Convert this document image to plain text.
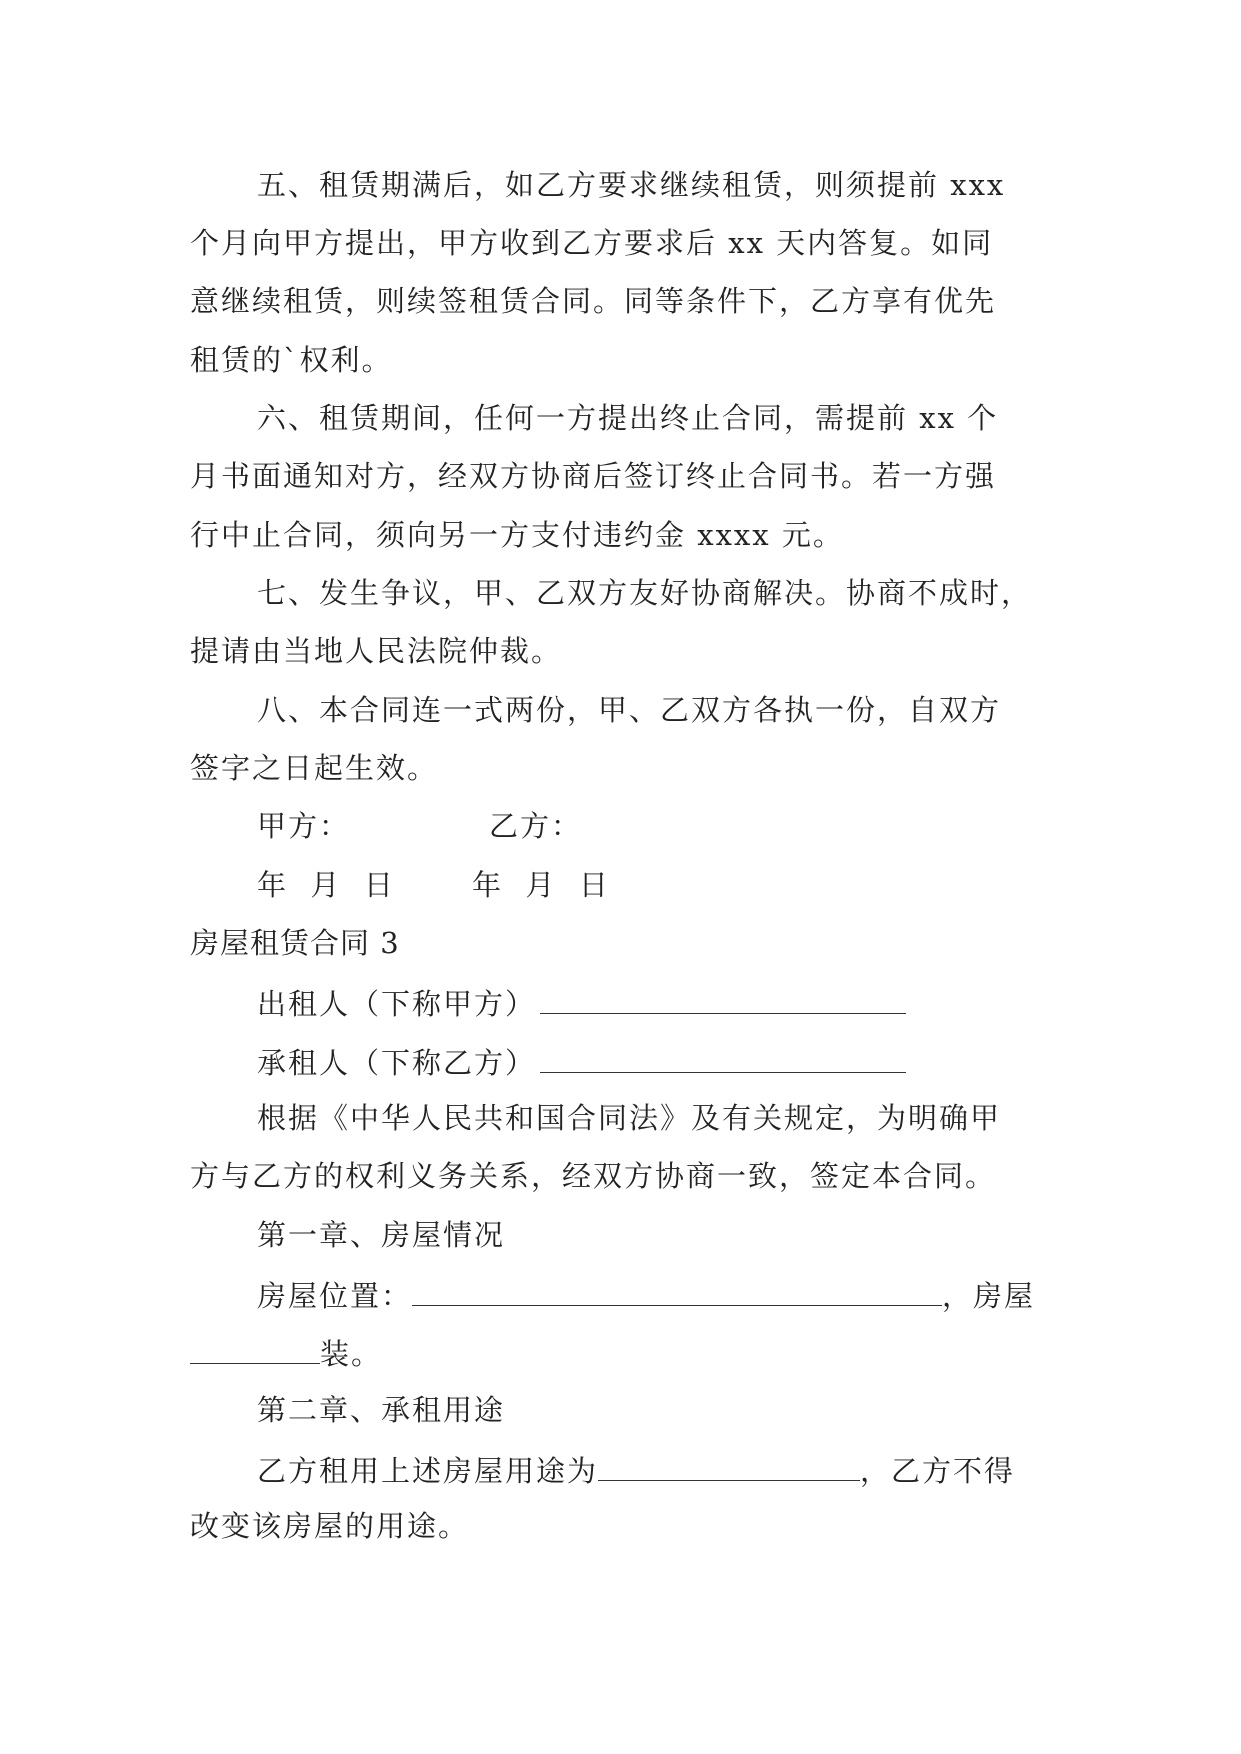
五、租赁期满后，如乙方要求继续租赁，则须提前 xxx
个月向甲方提出，甲方收到乙方要求后 xx 天内答复。如同
意继续租赁，则续签租赁合同。同等条件下，乙方享有优先
租赁的`权利。
六、租赁期间，任何一方提出终止合同，需提前 xx 个
月书面通知对方，经双方协商后签订终止合同书。若一方强
行中止合同，须向另一方支付违约金 xxxx 元。
七、发生争议，甲、乙双方友好协商解决。协商不成时，
提请由当地人民法院仲裁。
八、本合同连一式两份，甲、乙双方各执一份，自双方
签字之日起生效。
甲方：	乙方：
年  月  日	年  月  日
房屋租赁合同 3
出租人（下称甲方）
承租人（下称乙方）
根据《中华人民共和国合同法》及有关规定，为明确甲
方与乙方的权利义务关系，经双方协商一致，签定本合同。
第一章、房屋情况
房屋位置：	，房屋
装。
第二章、承租用途
乙方租用上述房屋用途为	，乙方不得
改变该房屋的用途。
